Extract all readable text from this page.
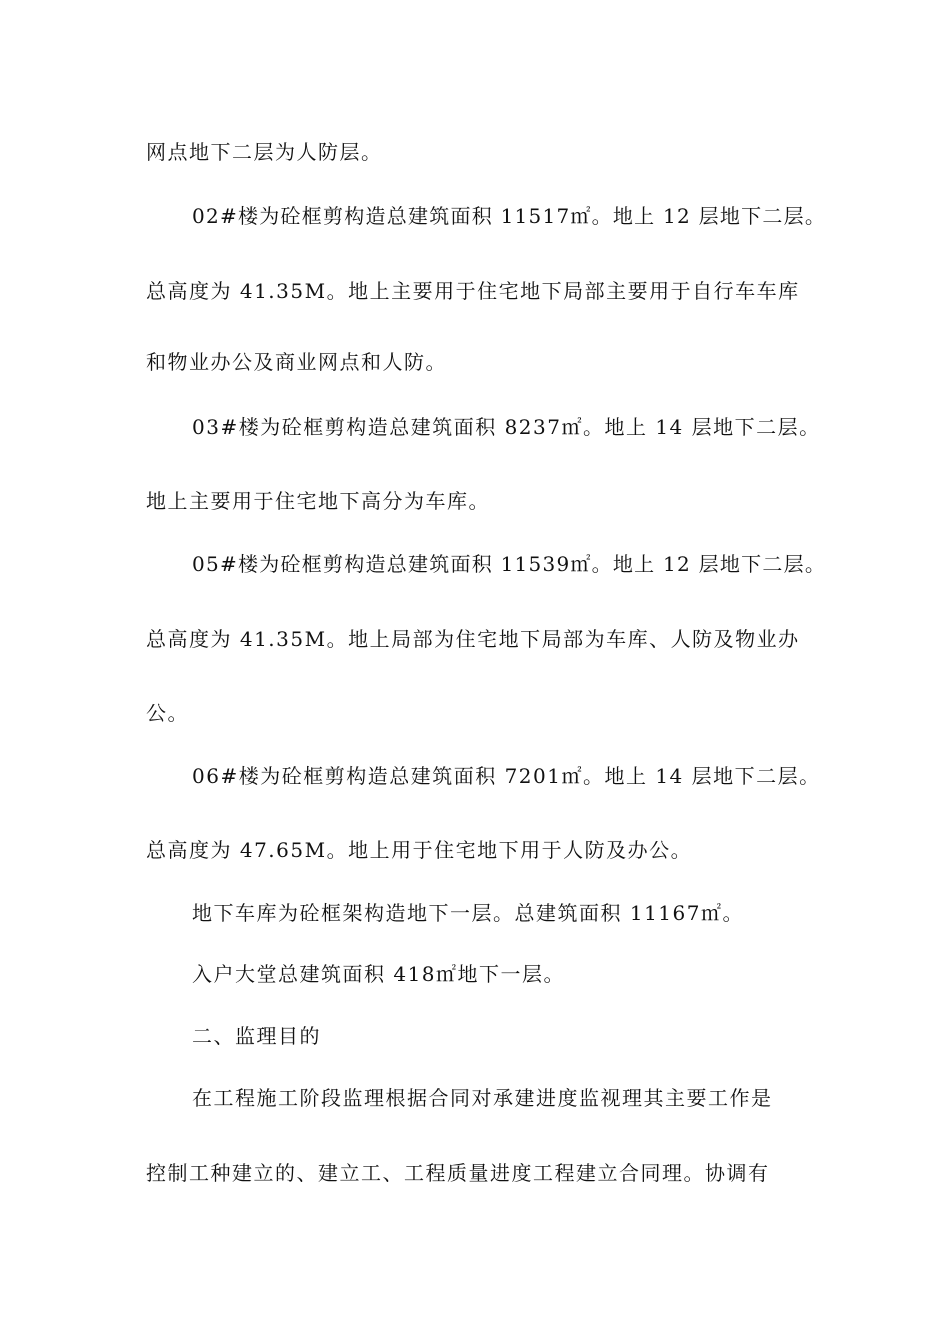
网点地下二层为人防层。
02#楼为砼框剪构造总建筑面积 11517㎡。地上 12 层地下二层。
总高度为 41.35M。地上主要用于住宅地下局部主要用于自行车车库
和物业办公及商业网点和人防。
03#楼为砼框剪构造总建筑面积 8237㎡。地上 14 层地下二层。
地上主要用于住宅地下高分为车库。
05#楼为砼框剪构造总建筑面积 11539㎡。地上 12 层地下二层。
总高度为 41.35M。地上局部为住宅地下局部为车库、人防及物业办
公。
06#楼为砼框剪构造总建筑面积 7201㎡。地上 14 层地下二层。
总高度为 47.65M。地上用于住宅地下用于人防及办公。
地下车库为砼框架构造地下一层。总建筑面积 11167㎡。
入户大堂总建筑面积 418㎡地下一层。
二、监理目的
在工程施工阶段监理根据合同对承建进度监视理其主要工作是
控制工种建立的、建立工、工程质量进度工程建立合同理。协调有
